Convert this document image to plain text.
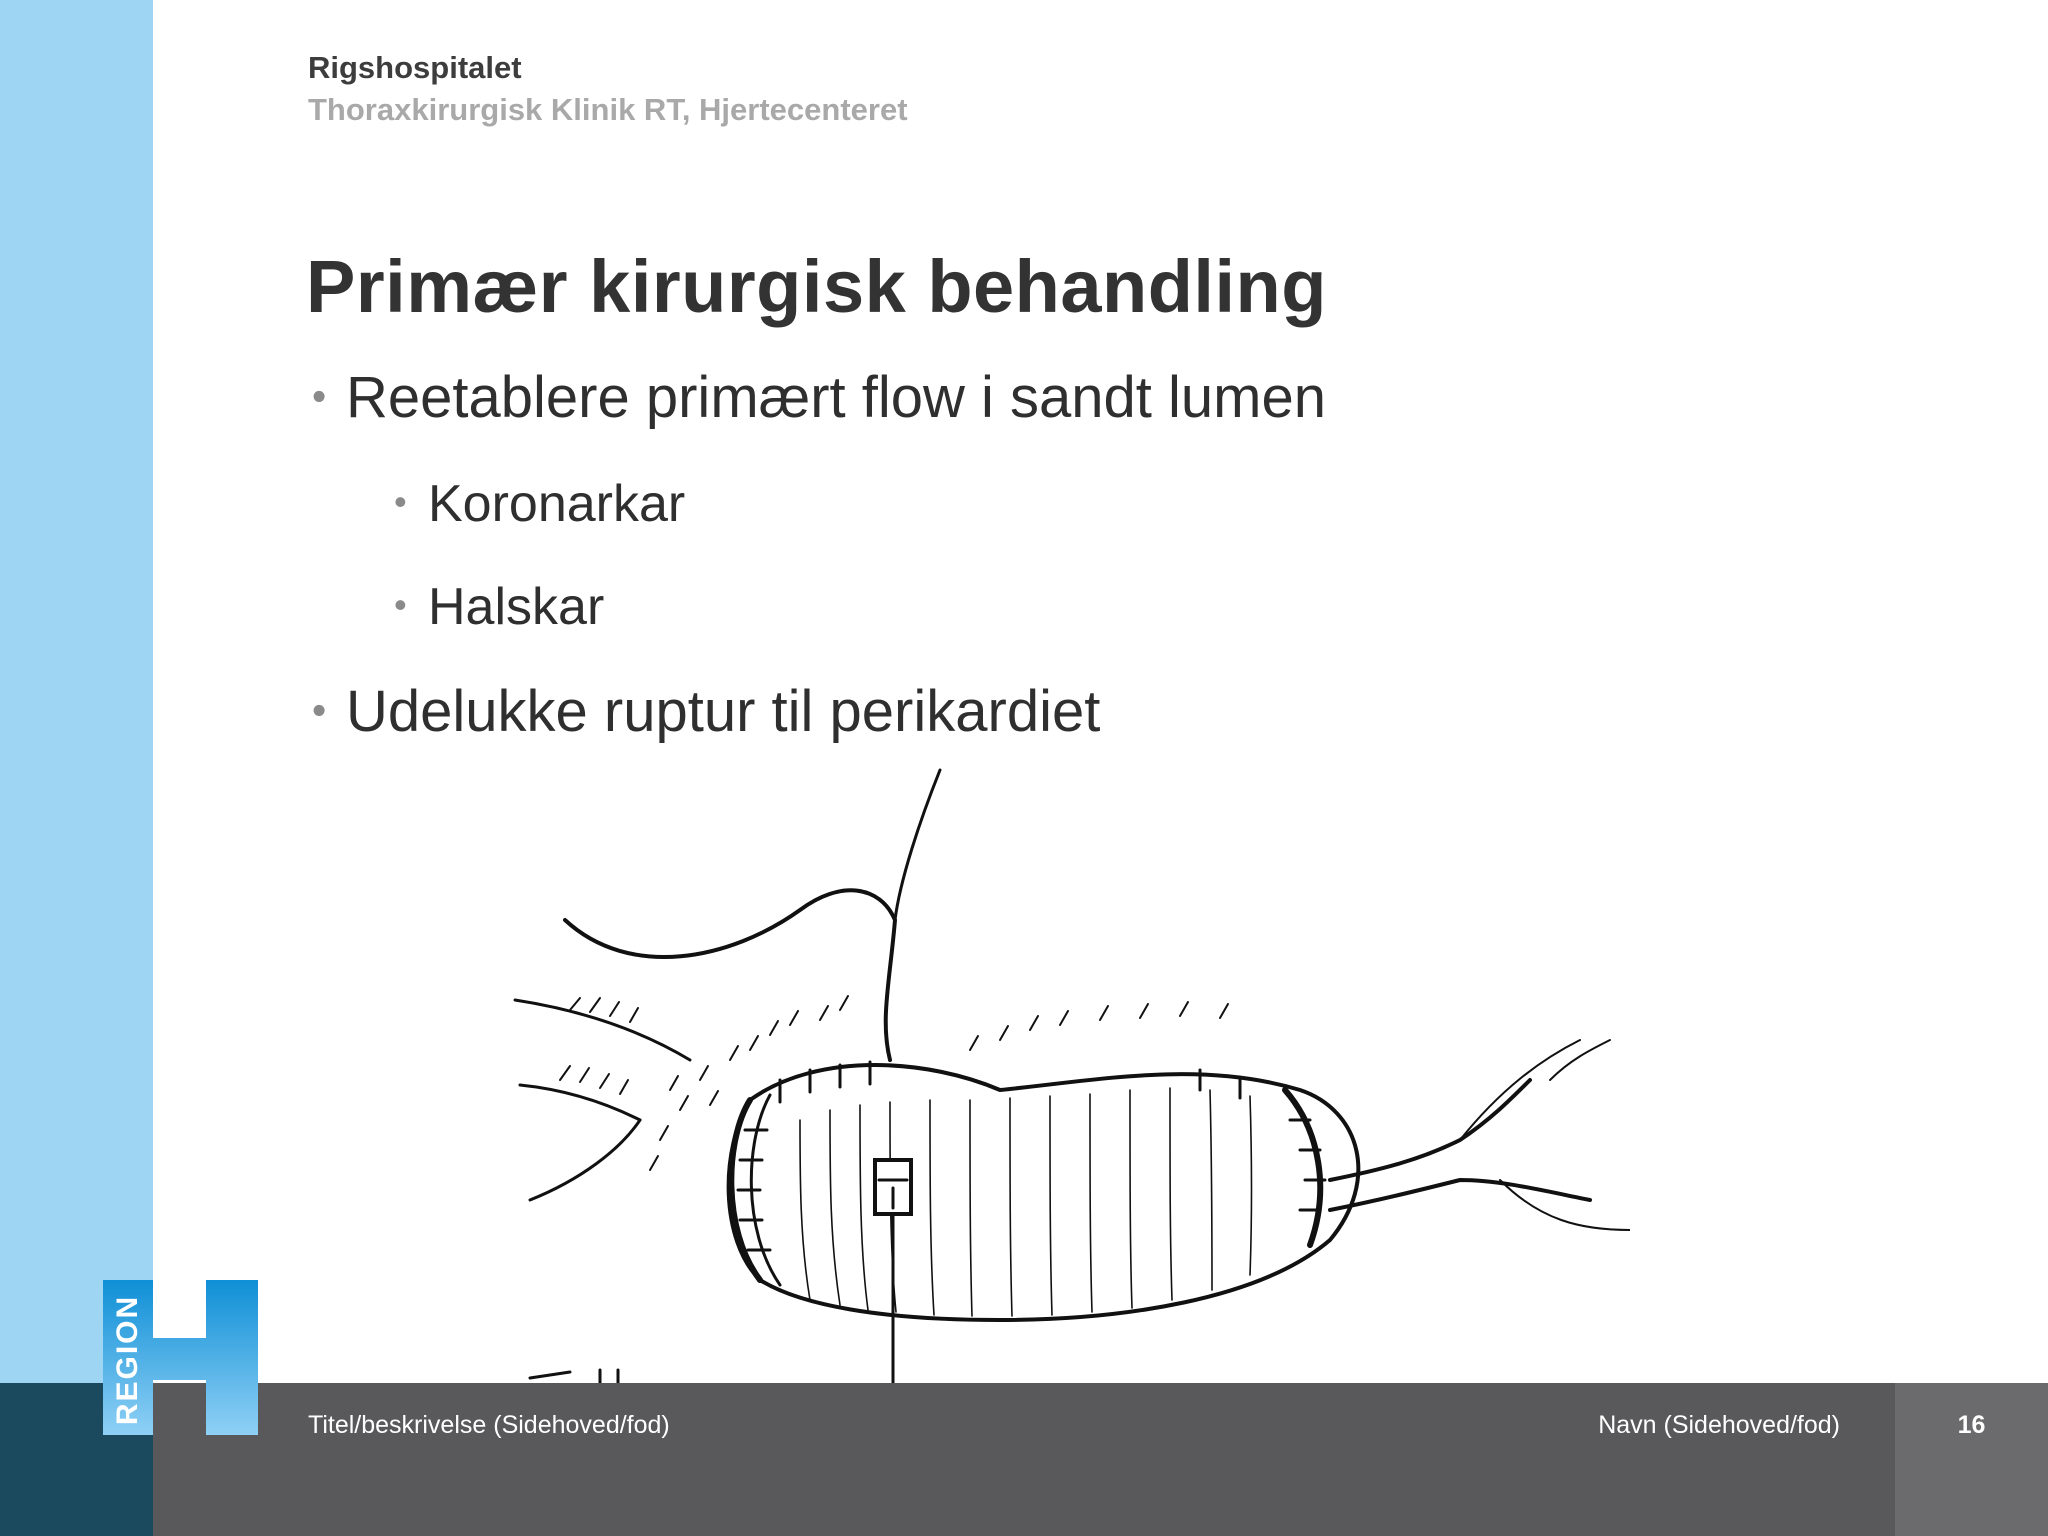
Rigshospitalet

Thoraxkirurgisk Klinik RT, Hjertecenteret

Primær kirurgisk behandling
• Reetablere primært flow i sandt lumen
• Koronarkar
• Halskar
• Udelukke ruptur til perikardiet
REGION	Titel/beskrivelse (Sidehoved/fod)	Navn (Sidehoved/fod)	16
